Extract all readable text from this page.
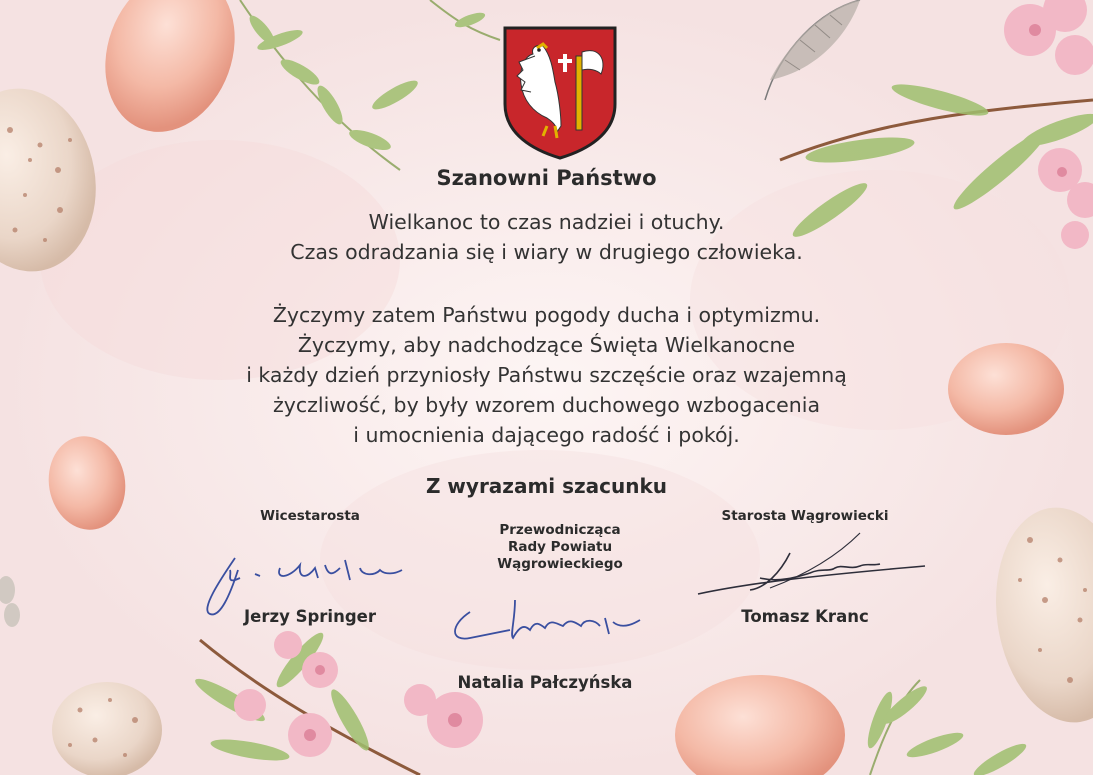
Szanowni Państwo

Wielkanoc to czas nadziei i otuchy.
Czas odradzania się i wiary w drugiego człowieka.

Życzymy zatem Państwu pogody ducha i optymizmu.
Życzymy, aby nadchodzące Święta Wielkanocne
i każdy dzień przyniosły Państwu szczęście oraz wzajemną
życzliwość, by były wzorem duchowego wzbogacenia
i umocnienia dającego radość i pokój.

Z wyrazami szacunku
Wicestarosta
Jerzy Springer
Przewodnicząca
Rady Powiatu
Wągrowieckiego
Natalia Pałczyńska
Starosta Wągrowiecki
Tomasz Kranc
